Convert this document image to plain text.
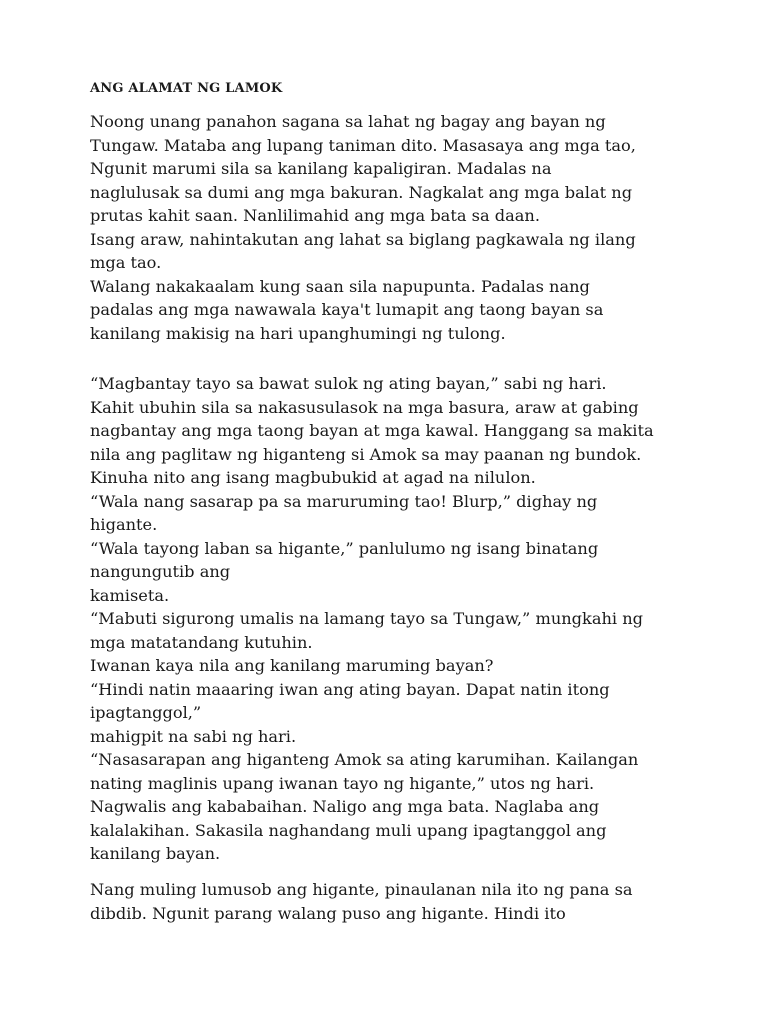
ANG ALAMAT NG LAMOK
Noong unang panahon sagana sa lahat ng bagay ang bayan ng
Tungaw. Mataba ang lupang taniman dito. Masasaya ang mga tao,
Ngunit marumi sila sa kanilang kapaligiran. Madalas na
naglulusak sa dumi ang mga bakuran. Nagkalat ang mga balat ng
prutas kahit saan. Nanlilimahid ang mga bata sa daan.
Isang araw, nahintakutan ang lahat sa biglang pagkawala ng ilang
mga tao.
Walang nakakaalam kung saan sila napupunta. Padalas nang
padalas ang mga nawawala kaya't lumapit ang taong bayan sa
kanilang makisig na hari upanghumingi ng tulong.
“Magbantay tayo sa bawat sulok ng ating bayan,” sabi ng hari.
Kahit ubuhin sila sa nakasusulasok na mga basura, araw at gabing
nagbantay ang mga taong bayan at mga kawal. Hanggang sa makita
nila ang paglitaw ng higanteng si Amok sa may paanan ng bundok.
Kinuha nito ang isang magbubukid at agad na nilulon.
“Wala nang sasarap pa sa maruruming tao! Blurp,” dighay ng
higante.
“Wala tayong laban sa higante,” panlulumo ng isang binatang
nangungutib ang
kamiseta.
“Mabuti sigurong umalis na lamang tayo sa Tungaw,” mungkahi ng
mga matatandang kutuhin.
Iwanan kaya nila ang kanilang maruming bayan?
“Hindi natin maaaring iwan ang ating bayan. Dapat natin itong
ipagtanggol,”
mahigpit na sabi ng hari.
“Nasasarapan ang higanteng Amok sa ating karumihan. Kailangan
nating maglinis upang iwanan tayo ng higante,” utos ng hari.
Nagwalis ang kababaihan. Naligo ang mga bata. Naglaba ang
kalalakihan. Sakasila naghandang muli upang ipagtanggol ang
kanilang bayan.
Nang muling lumusob ang higante, pinaulanan nila ito ng pana sa
dibdib. Ngunit parang walang puso ang higante. Hindi ito
